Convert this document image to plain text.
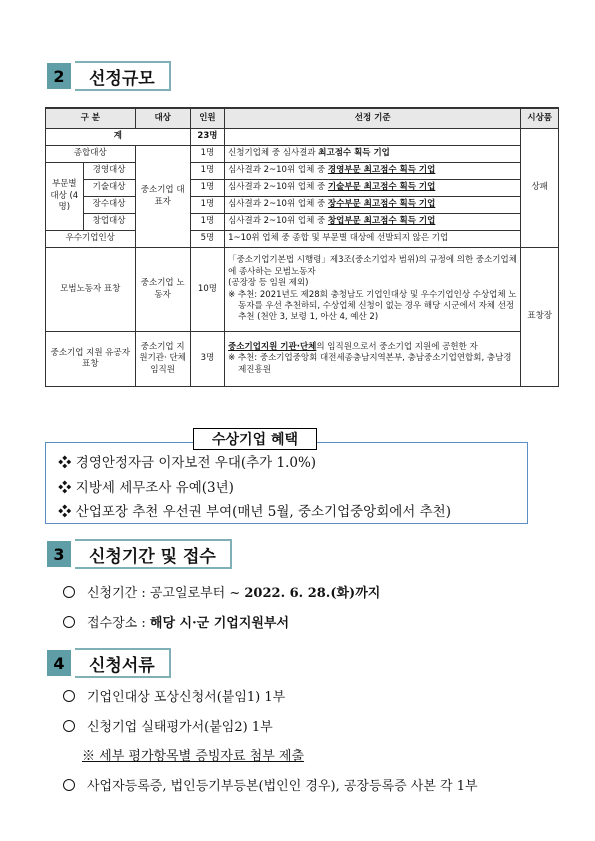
2	선정규모
구 분		대상	인원	선정 기준	시상품
계			23명		상패
종합대상		중소기업 대표자	1명	신청기업체 중 심사결과 최고점수 획득 기업	
부문별 대상 (4명)	경영대상		1명	심사결과 2~10위 업체 중 경영부문 최고점수 획득 기업	
	기술대상		1명	심사결과 2~10위 업체 중 기술부문 최고점수 획득 기업	
	장수대상		1명	심사결과 2~10위 업체 중 장수부문 최고점수 획득 기업	
	창업대상		1명	심사결과 2~10위 업체 중 창업부문 최고점수 획득 기업	
우수기업인상			5명	1~10위 업체 중 종합 및 부문별 대상에 선발되지 않은 기업	
모범노동자 표창		중소기업 노동자	10명	「중소기업기본법 시행령」제3조(중소기업자 범위)의 규정에 의한 중소기업체에 종사하는 모범노동자
(공장장 등 임원 제외)
※ 추천: 2021년도 제28회 충청남도 기업인대상 및 우수기업인상 수상업체 노동자를 우선 추천하되, 수상업체 신청이 없는 경우 해당 시군에서 자체 선정 추천 (천안 3, 보령 1, 아산 4, 예산 2)	표창장
중소기업 지원 유공자 표창		중소기업 지원기관· 단체 임직원	3명	중소기업지원 기관·단체의 임직원으로서 중소기업 지원에 공헌한 자
※ 추천: 중소기업중앙회 대전세종충남지역본부, 충남중소기업연합회, 충남경제진흥원	
수상기업 혜택
❖ 경영안정자금 이자보전 우대(추가 1.0%)
❖ 지방세 세무조사 유예(3년)
❖ 산업포장 추천 우선권 부여(매년 5월, 중소기업중앙회에서 추천)
3	신청기간 및 접수
신청기간 : 공고일로부터 ~ 2022. 6. 28.(화)까지
접수장소 : 해당 시·군 기업지원부서
4	신청서류
기업인대상 포상신청서(붙임1) 1부
신청기업 실태평가서(붙임2) 1부
※ 세부 평가항목별 증빙자료 첨부 제출
사업자등록증, 법인등기부등본(법인인 경우), 공장등록증 사본 각 1부
